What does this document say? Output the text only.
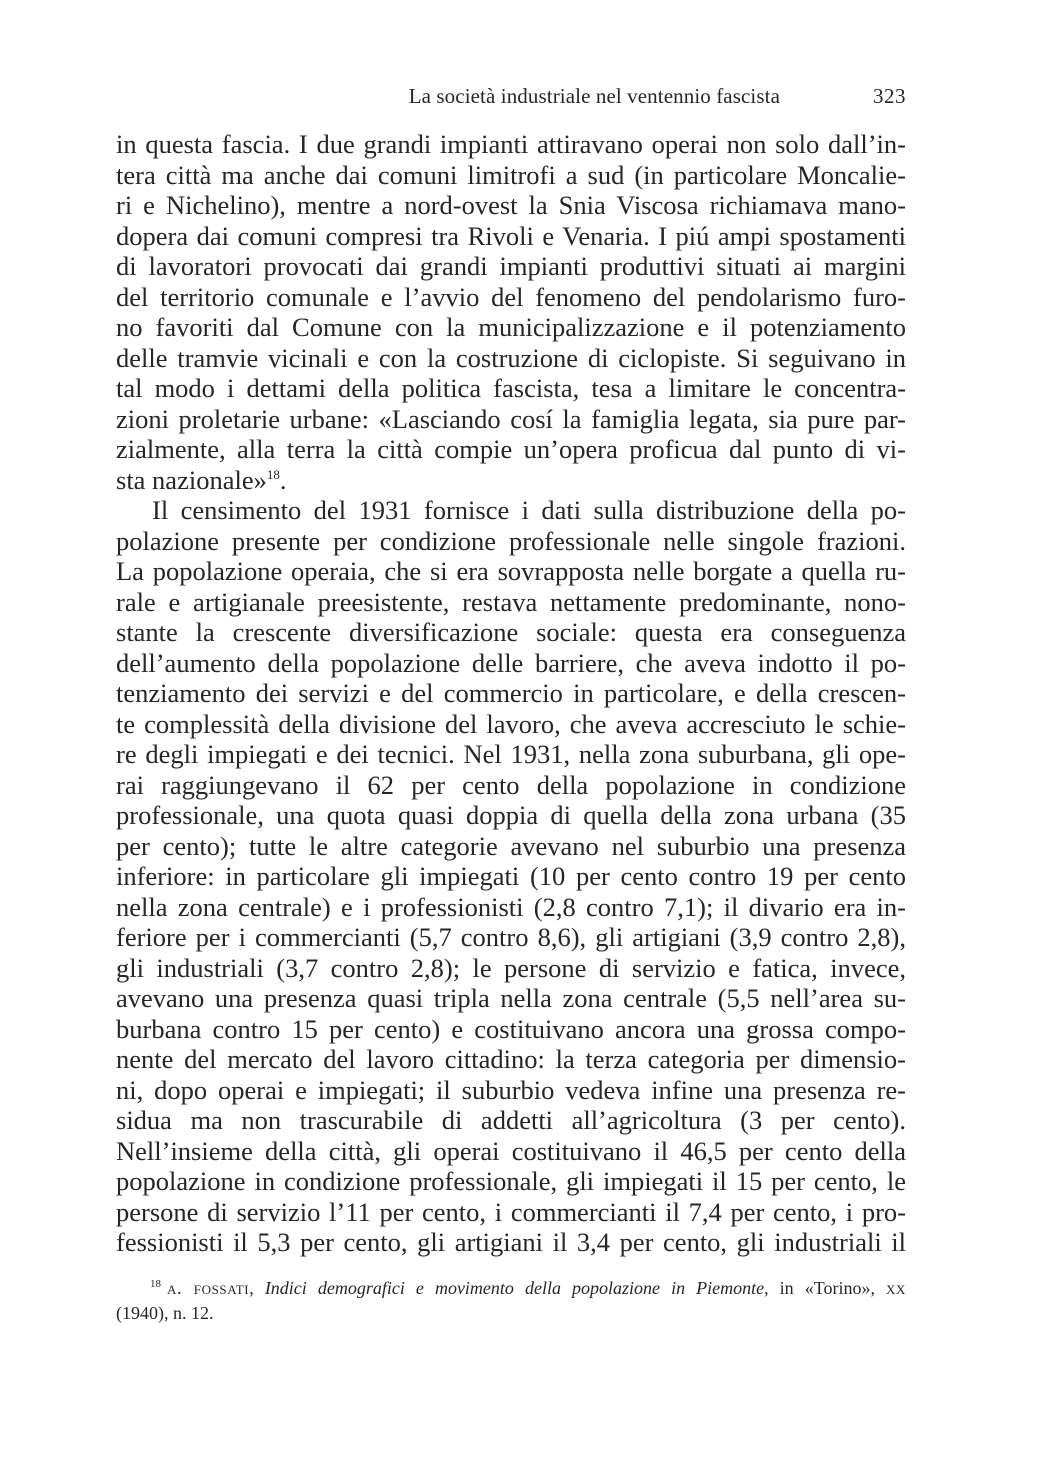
La società industriale nel ventennio fascista	323
in questa fascia. I due grandi impianti attiravano operai non solo dall’in-
tera città ma anche dai comuni limitrofi a sud (in particolare Moncalie-
ri e Nichelino), mentre a nord-ovest la Snia Viscosa richiamava mano-
dopera dai comuni compresi tra Rivoli e Venaria. I piú ampi spostamenti
di lavoratori provocati dai grandi impianti produttivi situati ai margini
del territorio comunale e l’avvio del fenomeno del pendolarismo furo-
no favoriti dal Comune con la municipalizzazione e il potenziamento
delle tramvie vicinali e con la costruzione di ciclopiste. Si seguivano in
tal modo i dettami della politica fascista, tesa a limitare le concentra-
zioni proletarie urbane: «Lasciando cosí la famiglia legata, sia pure par-
zialmente, alla terra la città compie un’opera proficua dal punto di vi-
sta nazionale»$^{18}$.
Il censimento del 1931 fornisce i dati sulla distribuzione della po-
polazione presente per condizione professionale nelle singole frazioni.
La popolazione operaia, che si era sovrapposta nelle borgate a quella ru-
rale e artigianale preesistente, restava nettamente predominante, nono-
stante la crescente diversificazione sociale: questa era conseguenza
dell’aumento della popolazione delle barriere, che aveva indotto il po-
tenziamento dei servizi e del commercio in particolare, e della crescen-
te complessità della divisione del lavoro, che aveva accresciuto le schie-
re degli impiegati e dei tecnici. Nel 1931, nella zona suburbana, gli ope-
rai raggiungevano il 62 per cento della popolazione in condizione
professionale, una quota quasi doppia di quella della zona urbana (35
per cento); tutte le altre categorie avevano nel suburbio una presenza
inferiore: in particolare gli impiegati (10 per cento contro 19 per cento
nella zona centrale) e i professionisti (2,8 contro 7,1); il divario era in-
feriore per i commercianti (5,7 contro 8,6), gli artigiani (3,9 contro 2,8),
gli industriali (3,7 contro 2,8); le persone di servizio e fatica, invece,
avevano una presenza quasi tripla nella zona centrale (5,5 nell’area su-
burbana contro 15 per cento) e costituivano ancora una grossa compo-
nente del mercato del lavoro cittadino: la terza categoria per dimensio-
ni, dopo operai e impiegati; il suburbio vedeva infine una presenza re-
sidua ma non trascurabile di addetti all’agricoltura (3 per cento).
Nell’insieme della città, gli operai costituivano il 46,5 per cento della
popolazione in condizione professionale, gli impiegati il 15 per cento, le
persone di servizio l’11 per cento, i commercianti il 7,4 per cento, i pro-
fessionisti il 5,3 per cento, gli artigiani il 3,4 per cento, gli industriali il
$^{18}$ a. fossati, Indici demografici e movimento della popolazione in Piemonte, in «Torino», xx
(1940), n. 12.
